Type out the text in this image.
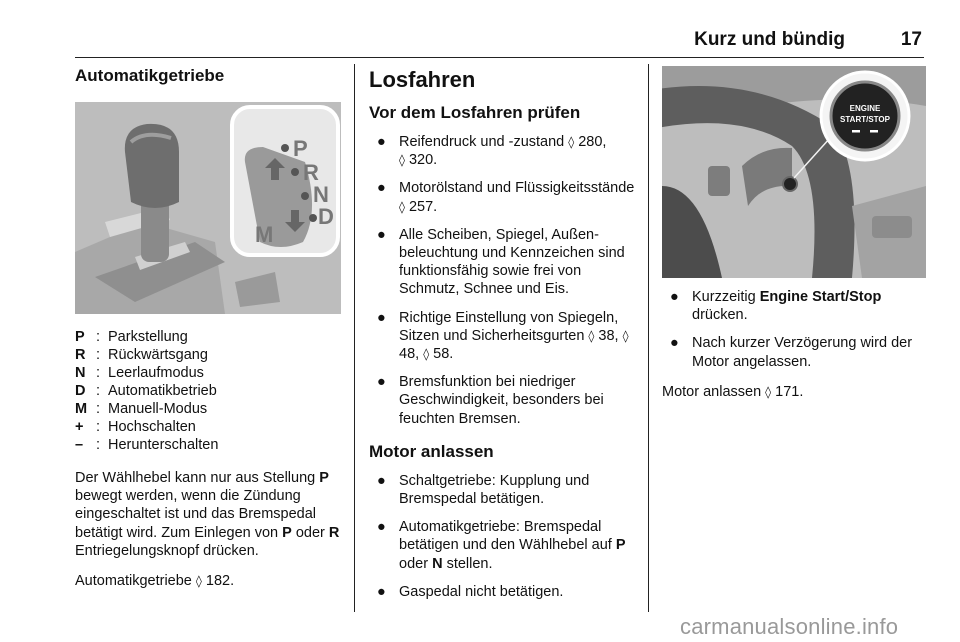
Kurz und bündig	17
Automatikgetriebe
P
R
N
D
M
P : Parkstellung
R : Rückwärtsgang
N : Leerlaufmodus
D : Automatikbetrieb
M : Manuell-Modus
+ : Hochschalten
– : Herunterschalten

Der Wählhebel kann nur aus Stellung P bewegt werden, wenn die Zündung eingeschaltet ist und das Bremspedal betätigt wird. Zum Einlegen von P oder R Entriegelungsknopf drücken.

Automatikgetriebe ◊ 182.

Losfahren
Vor dem Losfahren prüfen
● Reifendruck und -zustand ◊ 280,
◊ 320.
● Motorölstand und Flüssigkeitsstände ◊ 257.
● Alle Scheiben, Spiegel, Außenbeleuchtung und Kennzeichen sind funktionsfähig sowie frei von Schmutz, Schnee und Eis.
● Richtige Einstellung von Spiegeln, Sitzen und Sicherheitsgurten ◊ 38, ◊ 48, ◊ 58.
● Bremsfunktion bei niedriger Geschwindigkeit, besonders bei feuchten Bremsen.
Motor anlassen
● Schaltgetriebe: Kupplung und Bremspedal betätigen.
● Automatikgetriebe: Bremspedal betätigen und den Wählhebel auf P oder N stellen.
● Gaspedal nicht betätigen.
ENGINE
START/STOP
● Kurzzeitig Engine Start/Stop drücken.
● Nach kurzer Verzögerung wird der Motor angelassen.

Motor anlassen ◊ 171.

carmanualsonline.info
